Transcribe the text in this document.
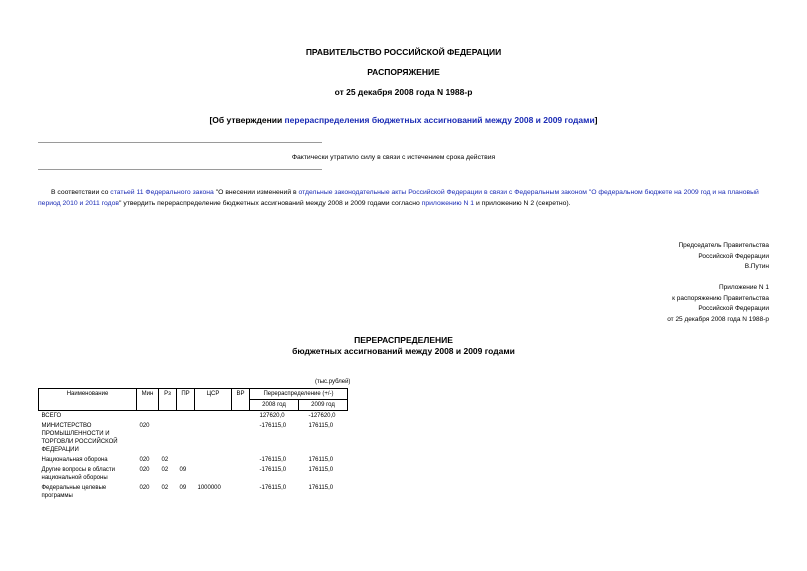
ПРАВИТЕЛЬСТВО РОССИЙСКОЙ ФЕДЕРАЦИИ
РАСПОРЯЖЕНИЕ
от 25 декабря 2008 года N 1988-р
[Об утверждении перераспределения бюджетных ассигнований между 2008 и 2009 годами]
Фактически утратило силу в связи с истечением срока действия
В соответствии со статьей 11 Федерального закона "О внесении изменений в отдельные законодательные акты Российской Федерации в связи с Федеральным законом "О федеральном бюджете на 2009 год и на плановый период 2010 и 2011 годов" утвердить перераспределение бюджетных ассигнований между 2008 и 2009 годами согласно приложению N 1 и приложению N 2 (секретно).
Председатель Правительства
Российской Федерации
В.Путин
Приложение N 1
к распоряжению Правительства
Российской Федерации
от 25 декабря 2008 года N 1988-р
ПЕРЕРАСПРЕДЕЛЕНИЕ
бюджетных ассигнований между 2008 и 2009 годами
(тыс.рублей)
Наименование	Мин	Рз	ПР	ЦСР	ВР	Перераспределение (+/-)	
						2008 год	2009 год
ВСЕГО						127620,0	-127620,0
МИНИСТЕРСТВО ПРОМЫШЛЕННОСТИ И ТОРГОВЛИ РОССИЙСКОЙ ФЕДЕРАЦИИ	020					-176115,0	176115,0
Национальная оборона	020	02				-176115,0	176115,0
Другие вопросы в области национальной обороны	020	02	09			-176115,0	176115,0
Федеральные целевые программы	020	02	09	1000000		-176115,0	176115,0
